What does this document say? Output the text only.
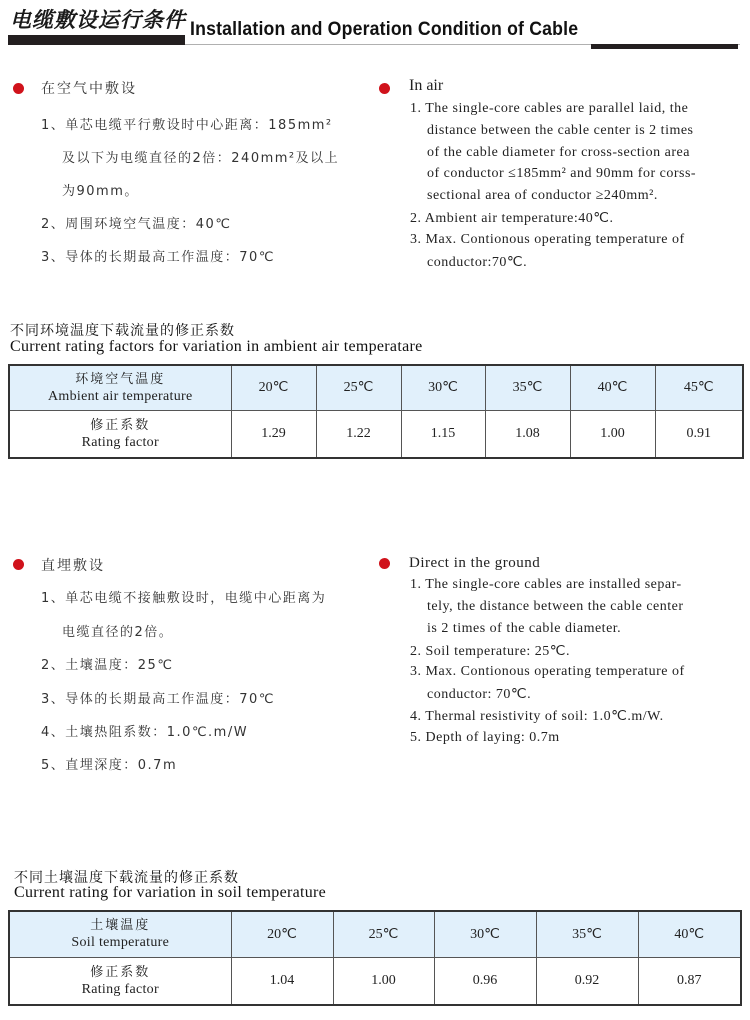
电缆敷设运行条件 Installation and Operation Condition of Cable
在空气中敷设
1、单芯电缆平行敷设时中心距离：185mm²
及以下为电缆直径的2倍：240mm²及以上
为90mm。
2、周围环境空气温度：40℃
3、导体的长期最高工作温度：70℃
In air
1. The single-core cables are parallel laid, the
distance between the cable center is 2 times
of the cable diameter for cross-section area
of conductor ≤185mm² and 90mm for corss-
sectional area of conductor ≥240mm².
2. Ambient air temperature:40℃.
3. Max. Contionous operating temperature of
conductor:70℃.
不同环境温度下载流量的修正系数
Current rating factors for variation in ambient air temperatare
环境空气温度
Ambient air temperature	20℃	25℃	30℃	35℃	40℃	45℃

修正系数
Rating factor	1.29	1.22	1.15	1.08	1.00	0.91
直埋敷设
1、单芯电缆不接触敷设时，电缆中心距离为
电缆直径的2倍。
2、土壤温度：25℃
3、导体的长期最高工作温度：70℃
4、土壤热阻系数：1.0℃.m/W
5、直埋深度：0.7m
Direct in the ground
1. The single-core cables are installed separ-
tely, the distance between the cable center
is 2 times of the cable diameter.
2. Soil temperature: 25℃.
3. Max. Contionous operating temperature of
conductor: 70℃.
4. Thermal resistivity of soil: 1.0℃.m/W.
5. Depth of laying: 0.7m
不同土壤温度下载流量的修正系数
Current rating for variation in soil temperature
土壤温度
Soil temperature	20℃	25℃	30℃	35℃	40℃

修正系数
Rating factor	1.04	1.00	0.96	0.92	0.87
